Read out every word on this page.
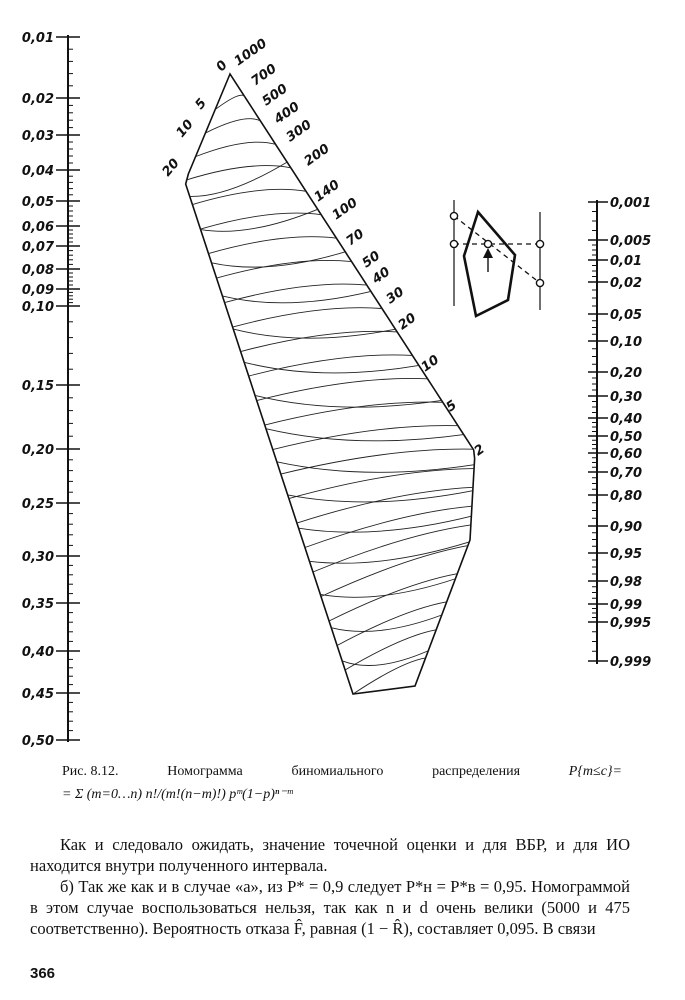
0,01
0,02
0,03
0,04
0,05
0,06
0,07
0,08
0,09
0,10
0,15
0,20
0,25
0,30
0,35
0,40
0,45
0,50
0,001
0,005
0,01
0,02
0,05
0,10
0,20
0,30
0,40
0,50
0,60
0,70
0,80
0,90
0,95
0,98
0,99
0,995
0,999
0
5
10
20
1000
700
500
400
300
200
140
100
70
50
40
30
20
10
5
2
Рис. 8.12.	Номограмма	биномиального	распределения	P{m≤c}=
= Σ (m=0…n) n!/(m!(n−m)!) pᵐ(1−p)ⁿ⁻ᵐ

Как и следовало ожидать, значение точечной оценки и для ВБР, и для ИО находится внутри полученного интервала.

б) Так же как и в случае «а», из P* = 0,9 следует P*н = P*в = 0,95. Номограммой в этом случае воспользоваться нельзя, так как n и d очень велики (5000 и 475 соответственно). Вероятность отказа F̂, равная (1 − R̂), составляет 0,095. В связи

366
